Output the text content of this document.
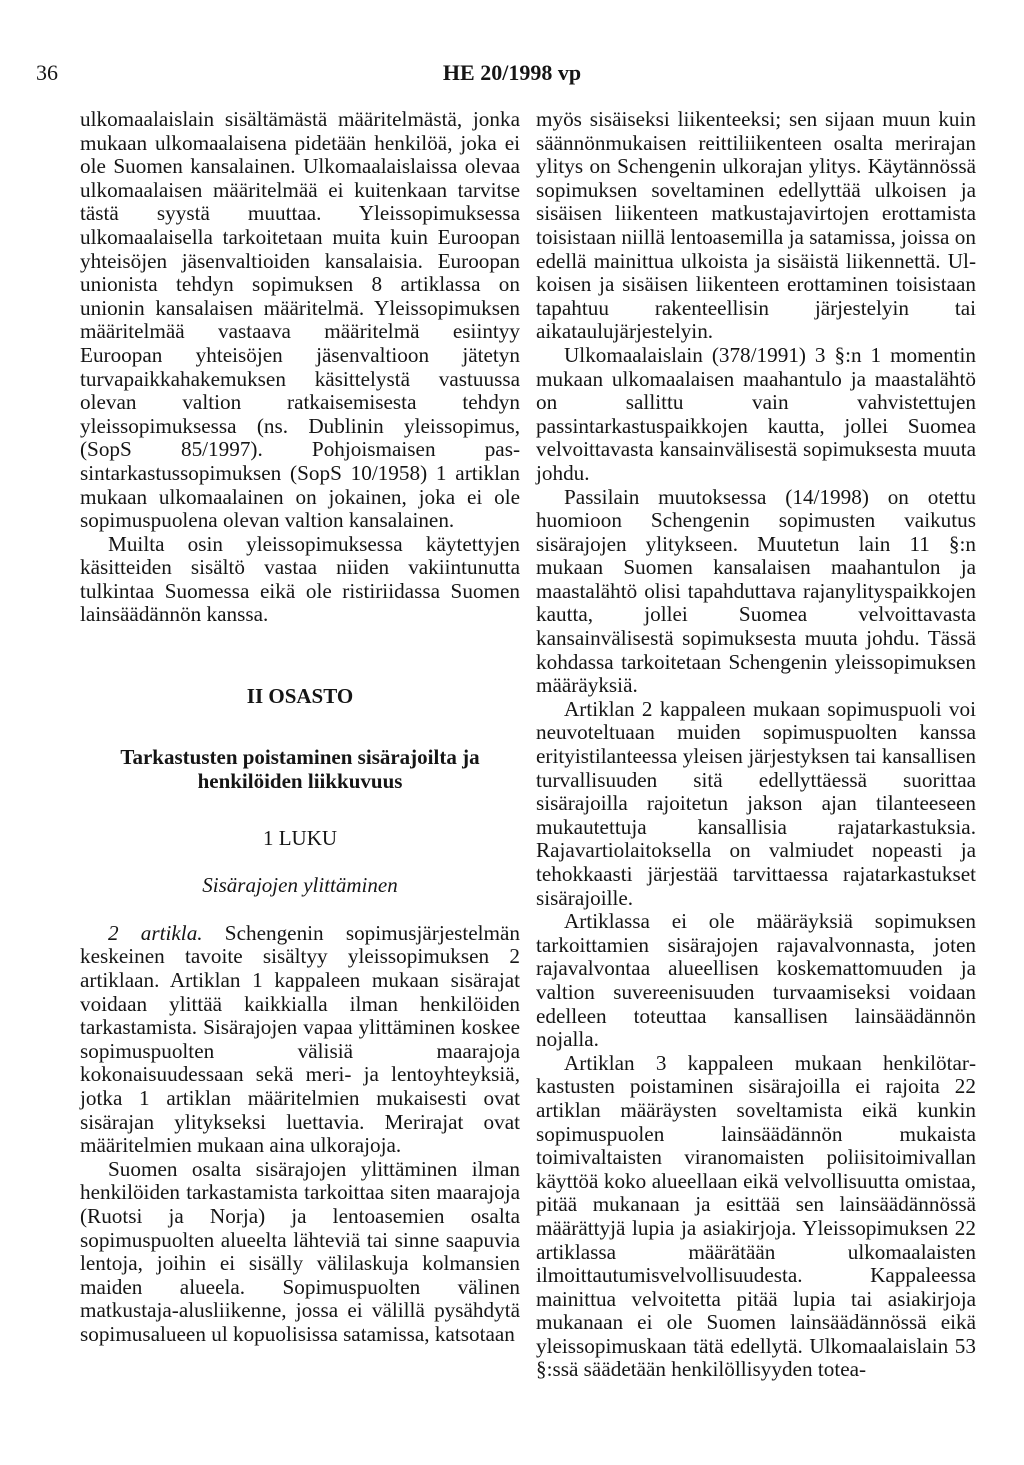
36	HE 20/1998 vp

ulkomaalaislain sisältämästä määritelmästä, jonka mukaan ulkomaalaisena pidetään henkilöä, joka ei ole Suomen kansalainen. Ulkomaalaislaissa olevaa ulkomaalaisen määritelmää ei kuitenkaan tarvitse tästä syystä muuttaa. Yleissopimuksessa ulkomaalaisella tarkoitetaan muita kuin Euroopan yhteisöjen jäsenvaltioiden kansalaisia. Euroopan unionista tehdyn sopimuksen 8 artiklassa on unionin kansalaisen määritelmä. Yleissopimuksen määritelmää vastaava määritelmä esiintyy Euroopan yhteisöjen jäsenvaltioon jätetyn turvapaikkahakemuksen käsittelystä vastuussa olevan valtion ratkaisemisesta tehdyn yleissopimuksessa (ns. Dublinin yleissopimus, (SopS 85/1997). Pohjoismaisen passintarkastussopimuksen (SopS 10/1958) 1 artiklan mukaan ulkomaalainen on jokainen, joka ei ole sopimuspuolena olevan valtion kansalainen.

Muilta osin yleissopimuksessa käytettyjen käsitteiden sisältö vastaa niiden vakiintunutta tulkintaa Suomessa eikä ole ristiriidassa Suomen lainsäädännön kanssa.

II OSASTO
Tarkastusten poistaminen sisärajoilta ja
henkilöiden liikkuvuus
1 LUKU
Sisärajojen ylittäminen

2 artikla. Schengenin sopimusjärjestelmän keskeinen tavoite sisältyy yleissopimuksen 2 artiklaan. Artiklan 1 kappaleen mukaan sisärajat voidaan ylittää kaikkialla ilman henkilöiden tarkastamista. Sisärajojen vapaa ylittäminen koskee sopimuspuolten välisiä maarajoja kokonaisuudessaan sekä meri- ja lentoyhteyksiä, jotka 1 artiklan määritelmien mukaisesti ovat sisärajan ylitykseksi luettavia. Merirajat ovat määritelmien mukaan aina ulkorajoja.

Suomen osalta sisärajojen ylittäminen ilman henkilöiden tarkastamista tarkoittaa siten maarajoja (Ruotsi ja Norja) ja lentoasemien osalta sopimuspuolten alueelta lähteviä tai sinne saapuvia lentoja, joihin ei sisälly välilaskuja kolmansien maiden alueela. Sopimuspuolten välinen matkustaja-alusliikenne, jossa ei välillä pysähdytä sopimusalueen ul kopuolisissa satamissa, katsotaan

myös sisäiseksi liikenteeksi; sen sijaan muun kuin säännönmukaisen reittiliikenteen osalta merirajan ylitys on Schengenin ulkorajan ylitys. Käytännössä sopimuksen soveltaminen edellyttää ulkoisen ja sisäisen liikenteen matkustajavirtojen erottamista toisistaan niillä lentoasemilla ja satamissa, joissa on edellä mainittua ulkoista ja sisäistä liikennettä. Ulkoisen ja sisäisen liikenteen erottaminen toisistaan tapahtuu rakenteellisin järjestelyin tai aikataulujärjestelyin.

Ulkomaalaislain (378/1991) 3 §:n 1 momentin mukaan ulkomaalaisen maahantulo ja maastalähtö on sallittu vain vahvistettujen passintarkastuspaikkojen kautta, jollei Suomea velvoittavasta kansainvälisestä sopimuksesta muuta johdu.

Passilain muutoksessa (14/1998) on otettu huomioon Schengenin sopimusten vaikutus sisärajojen ylitykseen. Muutetun lain 11 §:n mukaan Suomen kansalaisen maahantulon ja maastalähtö olisi tapahduttava rajanylityspaikkojen kautta, jollei Suomea velvoittavasta kansainvälisestä sopimuksesta muuta johdu. Tässä kohdassa tarkoitetaan Schengenin yleissopimuksen määräyksiä.

Artiklan 2 kappaleen mukaan sopimuspuoli voi neuvoteltuaan muiden sopimuspuolten kanssa erityistilanteessa yleisen järjestyksen tai kansallisen turvallisuuden sitä edellyttäessä suorittaa sisärajoilla rajoitetun jakson ajan tilanteeseen mukautettuja kansallisia rajatarkastuksia. Rajavartiolaitoksella on valmiudet nopeasti ja tehokkaasti järjestää tarvittaessa rajatarkastukset sisärajoille.

Artiklassa ei ole määräyksiä sopimuksen tarkoittamien sisärajojen rajavalvonnasta, joten rajavalvontaa alueellisen koskemattomuuden ja valtion suvereenisuuden turvaamiseksi voidaan edelleen toteuttaa kansallisen lainsäädännön nojalla.

Artiklan 3 kappaleen mukaan henkilötarkastusten poistaminen sisärajoilla ei rajoita 22 artiklan määräysten soveltamista eikä kunkin sopimuspuolen lainsäädännön mukaista toimivaltaisten viranomaisten poliisitoimivallan käyttöä koko alueellaan eikä velvollisuutta omistaa, pitää mukanaan ja esittää sen lainsäädännössä määrättyjä lupia ja asiakirjoja. Yleissopimuksen 22 artiklassa määrätään ulkomaalaisten ilmoittautumisvelvollisuudesta. Kappaleessa mainittua velvoitetta pitää lupia tai asiakirjoja mukanaan ei ole Suomen lainsäädännössä eikä yleissopimuskaan tätä edellytä. Ulkomaalaislain 53 §:ssä säädetään henkilöllisyyden totea-
